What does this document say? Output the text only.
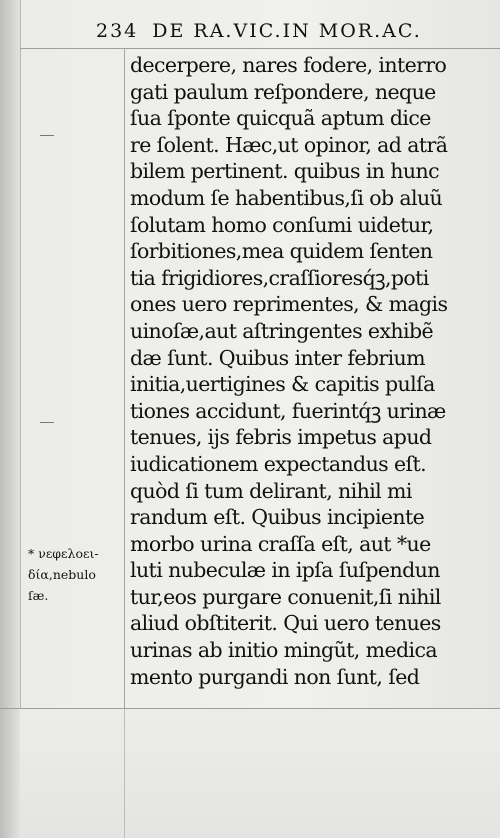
234 DE RA.VIC.IN MOR.AC.
decerpere, nares fodere, interro
gati paulum reſpondere, neque
ſua ſponte quicquã aptum dice
re ſolent. Hæc,ut opinor, ad atrã
bilem pertinent. quibus in hunc
modum ſe habentibus,ſi ob aluũ
ſolutam homo conſumi uidetur,
ſorbitiones,mea quidem ſenten
tia frigidiores,craſſioresq́ꝫ,poti
ones uero reprimentes, & magis
uinoſæ,aut aſtringentes exhibẽ
dæ ſunt. Quibus inter febrium
initia,uertigines & capitis pulſa
tiones accidunt, fuerintq́ꝫ urinæ
tenues, ijs febris impetus apud
iudicationem expectandus eſt.
quòd ſi tum delirant, nihil mi
randum eſt. Quibus incipiente
morbo urina craſſa eſt, aut *ue
luti nubeculæ in ipſa ſuſpendun
tur,eos purgare conuenit,ſi nihil
aliud obſtiterit. Qui uero tenues
urinas ab initio mingũt, medica
mento purgandi non ſunt, ſed
* νεφελοει-
δία,nebulo
ſæ.
